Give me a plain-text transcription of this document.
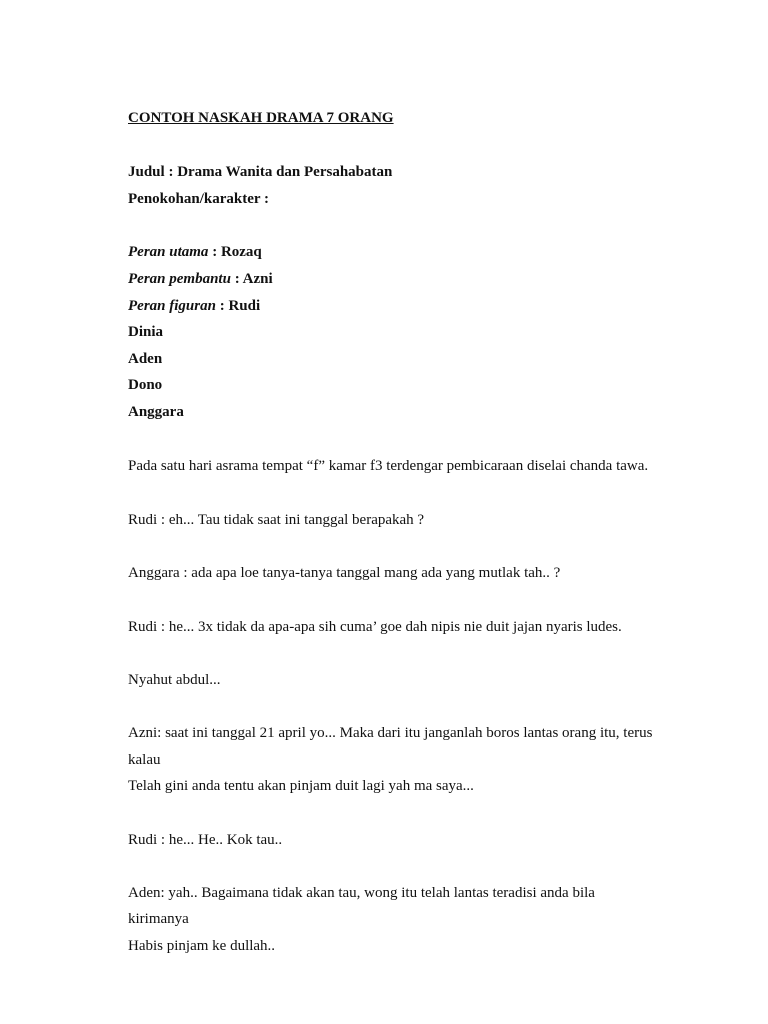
CONTOH NASKAH DRAMA 7 ORANG
Judul : Drama Wanita dan Persahabatan
Penokohan/karakter :
Peran utama : Rozaq
Peran pembantu : Azni
Peran figuran : Rudi
Dinia
Aden
Dono
Anggara
Pada satu hari asrama tempat “f” kamar f3 terdengar pembicaraan diselai chanda tawa.
Rudi : eh... Tau tidak saat ini tanggal berapakah ?
Anggara : ada apa loe tanya-tanya tanggal mang ada yang mutlak tah.. ?
Rudi : he... 3x tidak da apa-apa sih cuma’ goe dah nipis nie duit jajan nyaris ludes.
Nyahut abdul...
Azni: saat ini tanggal 21 april yo... Maka dari itu janganlah boros lantas orang itu, terus
kalau
Telah gini anda tentu akan pinjam duit lagi yah ma saya...
Rudi : he... He.. Kok tau..
Aden: yah.. Bagaimana tidak akan tau, wong itu telah lantas teradisi anda bila
kirimanya
Habis pinjam ke dullah..
